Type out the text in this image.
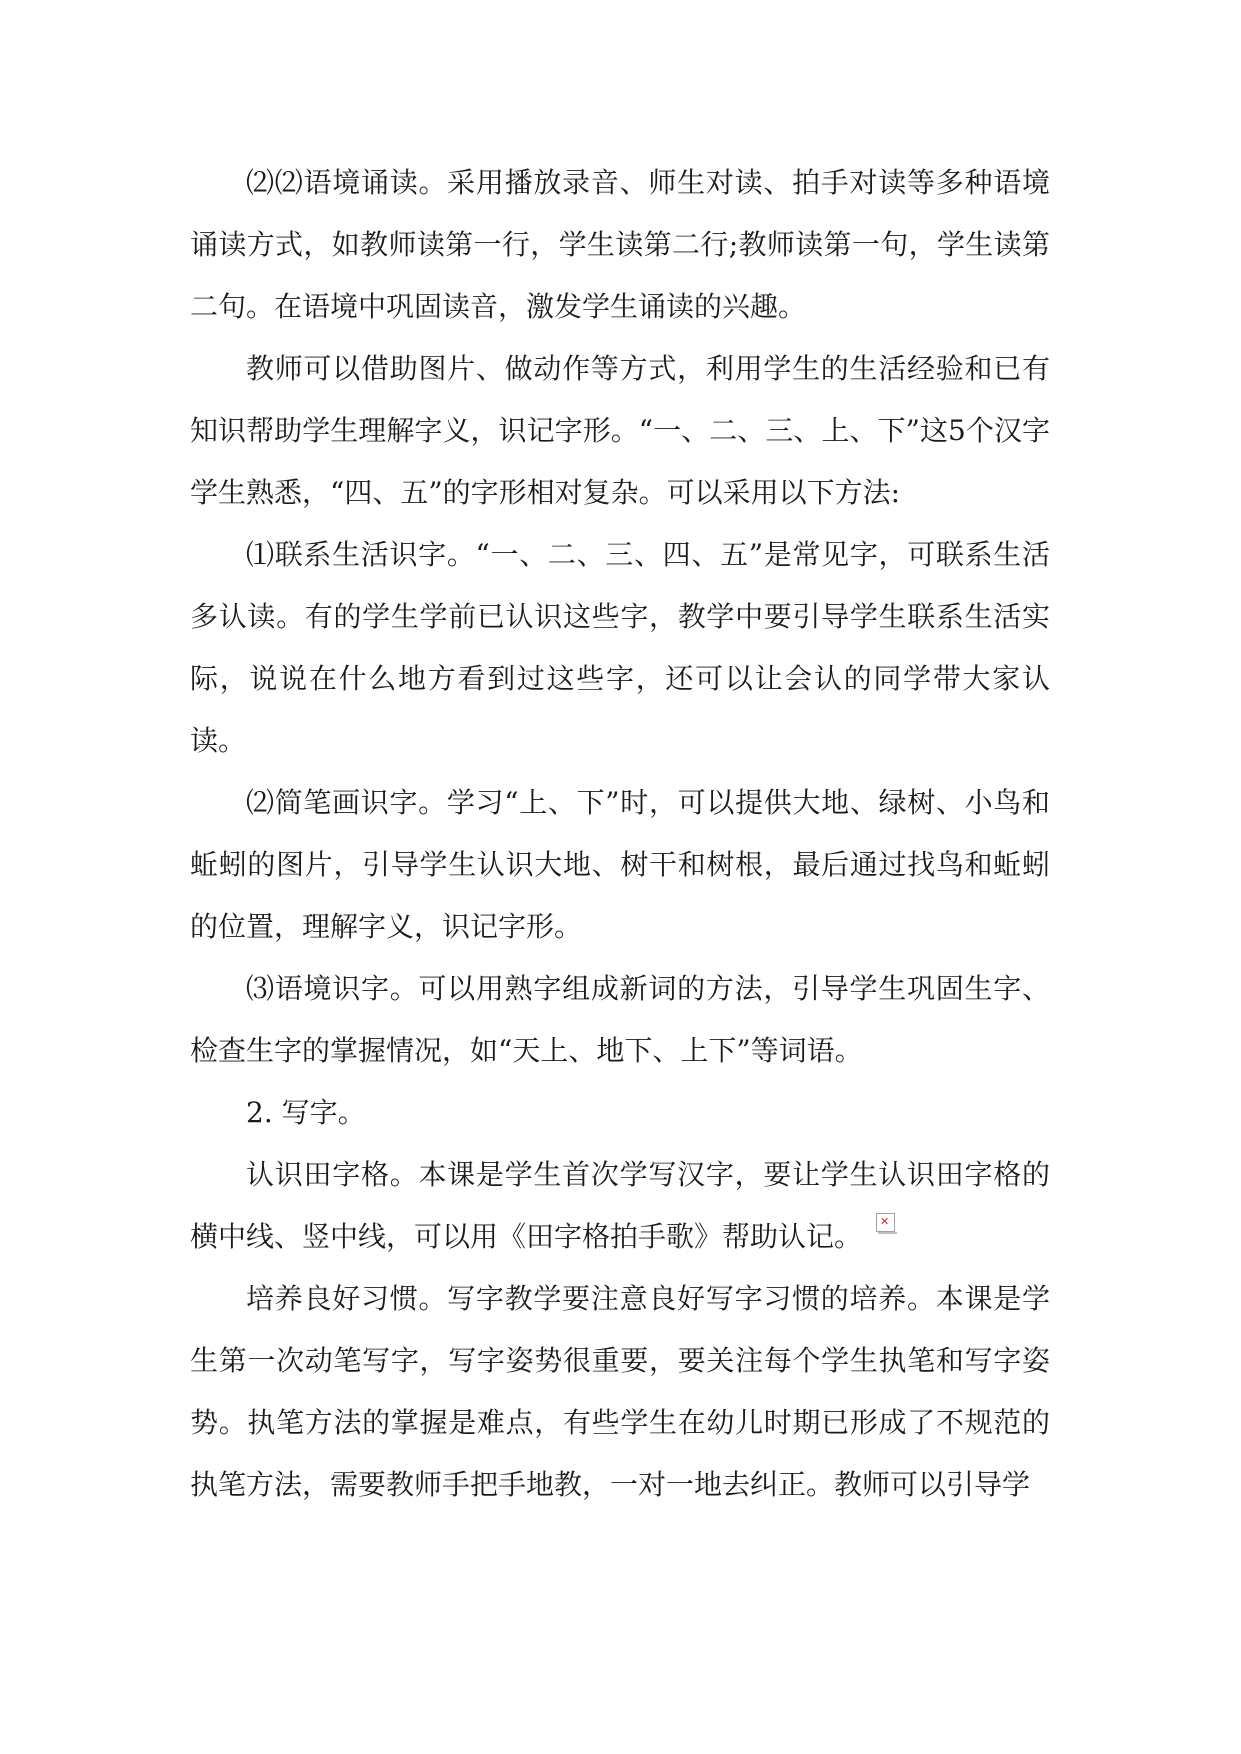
⑵⑵语境诵读。采用播放录音、师生对读、拍手对读等多种语境诵读方式，如教师读第一行，学生读第二行;教师读第一句，学生读第二句。在语境中巩固读音，激发学生诵读的兴趣。

教师可以借助图片、做动作等方式，利用学生的生活经验和已有知识帮助学生理解字义，识记字形。“一、二、三、上、下”这5个汉字学生熟悉，“四、五”的字形相对复杂。可以采用以下方法:

⑴联系生活识字。“一、二、三、四、五”是常见字，可联系生活多认读。有的学生学前已认识这些字，教学中要引导学生联系生活实际，说说在什么地方看到过这些字，还可以让会认的同学带大家认读。

⑵简笔画识字。学习“上、下”时，可以提供大地、绿树、小鸟和蚯蚓的图片，引导学生认识大地、树干和树根，最后通过找鸟和蚯蚓的位置，理解字义，识记字形。

⑶语境识字。可以用熟字组成新词的方法，引导学生巩固生字、检查生字的掌握情况，如“天上、地下、上下”等词语。

2. 写字。

认识田字格。本课是学生首次学写汉字，要让学生认识田字格的横中线、竖中线，可以用《田字格拍手歌》帮助认记。 ✕

培养良好习惯。写字教学要注意良好写字习惯的培养。本课是学生第一次动笔写字，写字姿势很重要，要关注每个学生执笔和写字姿势。执笔方法的掌握是难点，有些学生在幼儿时期已形成了不规范的执笔方法，需要教师手把手地教，一对一地去纠正。教师可以引导学
